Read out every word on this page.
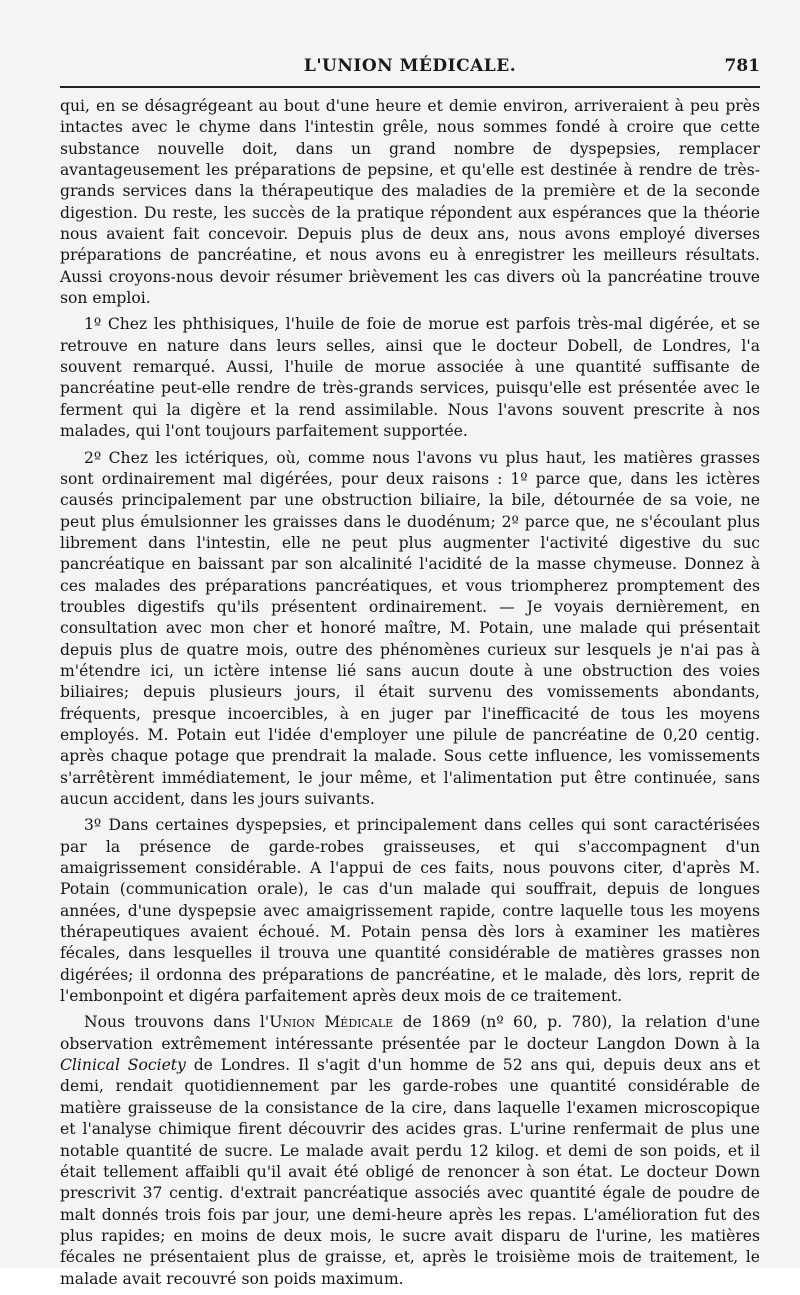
L'UNION MÉDICALE.	781

qui, en se désagrégeant au bout d'une heure et demie environ, arriveraient à peu près intactes avec le chyme dans l'intestin grêle, nous sommes fondé à croire que cette substance nouvelle doit, dans un grand nombre de dyspepsies, remplacer avantageusement les préparations de pepsine, et qu'elle est destinée à rendre de très-grands services dans la thérapeutique des maladies de la première et de la seconde digestion. Du reste, les succès de la pratique répondent aux espérances que la théorie nous avaient fait concevoir. Depuis plus de deux ans, nous avons employé diverses préparations de pancréatine, et nous avons eu à enregistrer les meilleurs résultats. Aussi croyons-nous devoir résumer brièvement les cas divers où la pancréatine trouve son emploi.

1º Chez les phthisiques, l'huile de foie de morue est parfois très-mal digérée, et se retrouve en nature dans leurs selles, ainsi que le docteur Dobell, de Londres, l'a souvent remarqué. Aussi, l'huile de morue associée à une quantité suffisante de pancréatine peut-elle rendre de très-grands services, puisqu'elle est présentée avec le ferment qui la digère et la rend assimilable. Nous l'avons souvent prescrite à nos malades, qui l'ont toujours parfaitement supportée.

2º Chez les ictériques, où, comme nous l'avons vu plus haut, les matières grasses sont ordinairement mal digérées, pour deux raisons : 1º parce que, dans les ictères causés principalement par une obstruction biliaire, la bile, détournée de sa voie, ne peut plus émulsionner les graisses dans le duodénum; 2º parce que, ne s'écoulant plus librement dans l'intestin, elle ne peut plus augmenter l'activité digestive du suc pancréatique en baissant par son alcalinité l'acidité de la masse chymeuse. Donnez à ces malades des préparations pancréatiques, et vous triompherez promptement des troubles digestifs qu'ils présentent ordinairement. — Je voyais dernièrement, en consultation avec mon cher et honoré maître, M. Potain, une malade qui présentait depuis plus de quatre mois, outre des phénomènes curieux sur lesquels je n'ai pas à m'étendre ici, un ictère intense lié sans aucun doute à une obstruction des voies biliaires; depuis plusieurs jours, il était survenu des vomissements abondants, fréquents, presque incoercibles, à en juger par l'inefficacité de tous les moyens employés. M. Potain eut l'idée d'employer une pilule de pancréatine de 0,20 centig. après chaque potage que prendrait la malade. Sous cette influence, les vomissements s'arrêtèrent immédiatement, le jour même, et l'alimentation put être continuée, sans aucun accident, dans les jours suivants.

3º Dans certaines dyspepsies, et principalement dans celles qui sont caractérisées par la présence de garde-robes graisseuses, et qui s'accompagnent d'un amaigrissement considérable. A l'appui de ces faits, nous pouvons citer, d'après M. Potain (communication orale), le cas d'un malade qui souffrait, depuis de longues années, d'une dyspepsie avec amaigrissement rapide, contre laquelle tous les moyens thérapeutiques avaient échoué. M. Potain pensa dès lors à examiner les matières fécales, dans lesquelles il trouva une quantité considérable de matières grasses non digérées; il ordonna des préparations de pancréatine, et le malade, dès lors, reprit de l'embonpoint et digéra parfaitement après deux mois de ce traitement.

Nous trouvons dans l'Union Médicale de 1869 (nº 60, p. 780), la relation d'une observation extrêmement intéressante présentée par le docteur Langdon Down à la Clinical Society de Londres. Il s'agit d'un homme de 52 ans qui, depuis deux ans et demi, rendait quotidiennement par les garde-robes une quantité considérable de matière graisseuse de la consistance de la cire, dans laquelle l'examen microscopique et l'analyse chimique firent découvrir des acides gras. L'urine renfermait de plus une notable quantité de sucre. Le malade avait perdu 12 kilog. et demi de son poids, et il était tellement affaibli qu'il avait été obligé de renoncer à son état. Le docteur Down prescrivit 37 centig. d'extrait pancréatique associés avec quantité égale de poudre de malt donnés trois fois par jour, une demi-heure après les repas. L'amélioration fut des plus rapides; en moins de deux mois, le sucre avait disparu de l'urine, les matières fécales ne présentaient plus de graisse, et, après le troisième mois de traitement, le malade avait recouvré son poids maximum.
